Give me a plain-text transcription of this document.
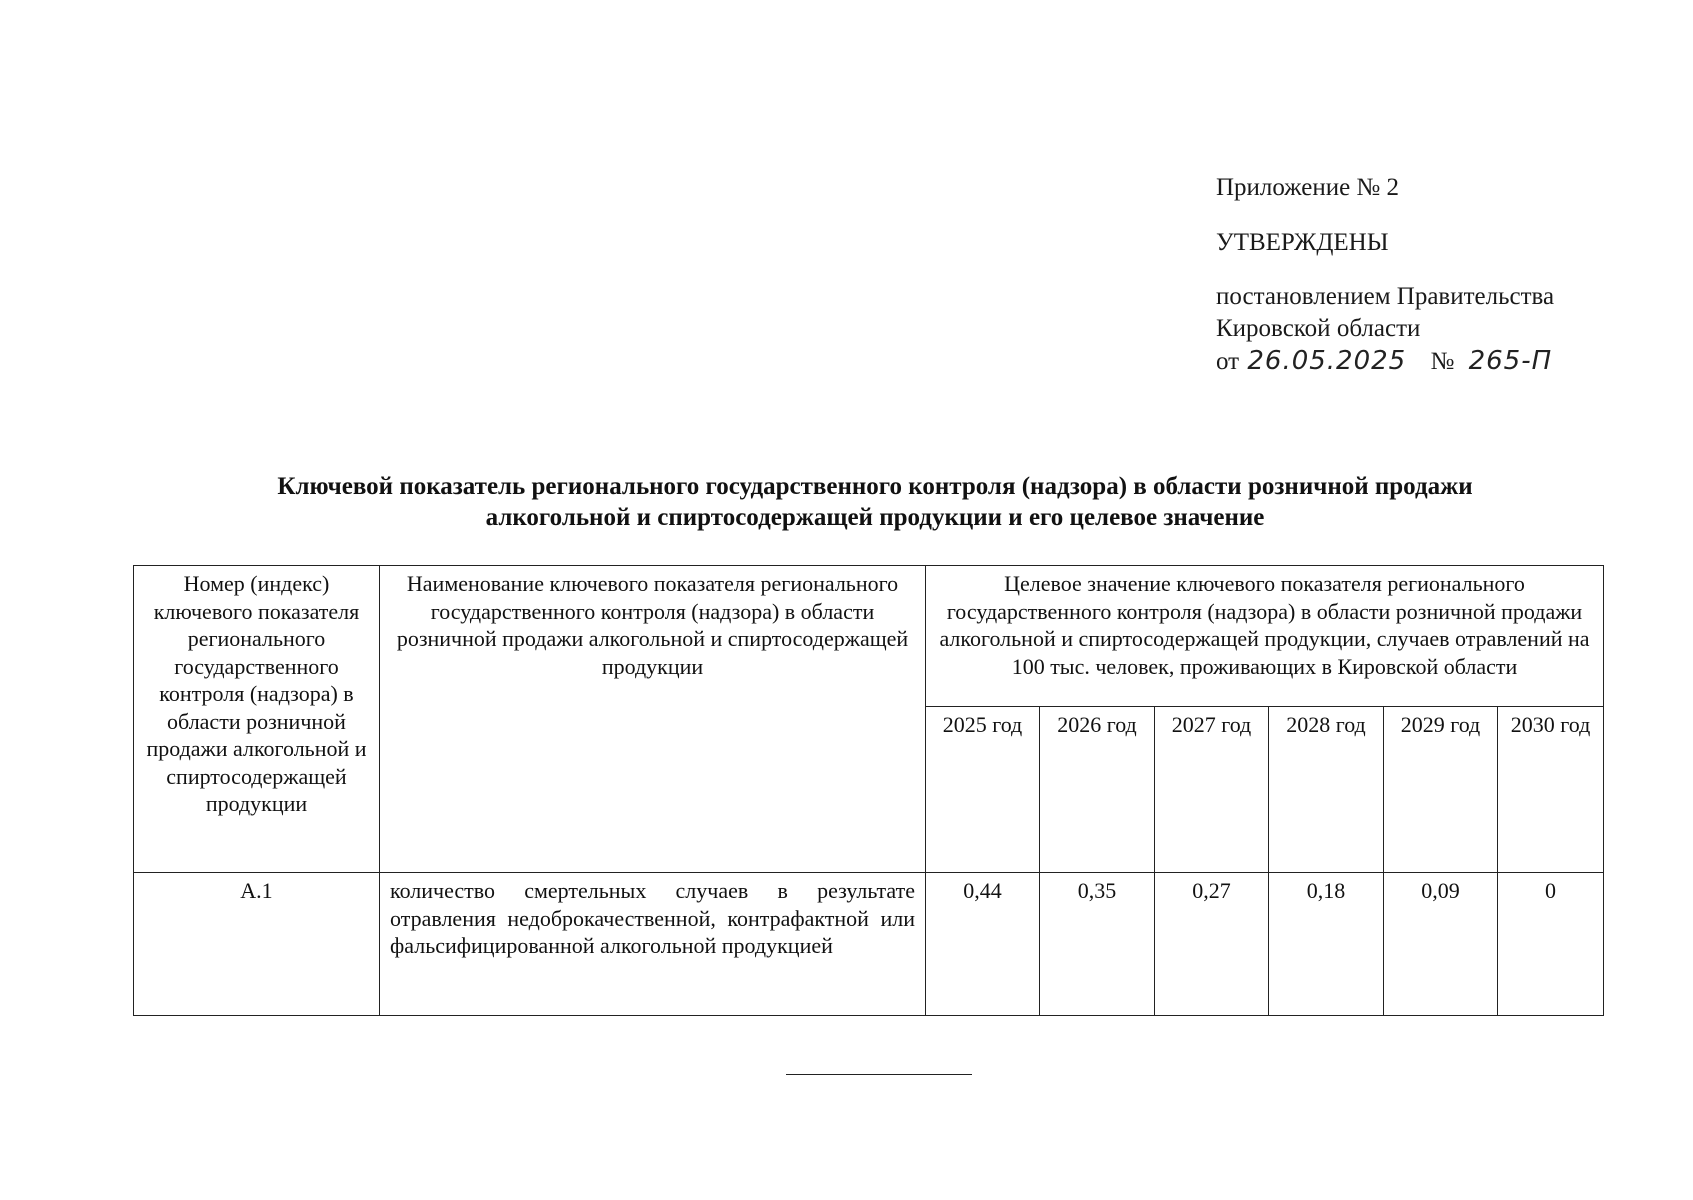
Приложение № 2
УТВЕРЖДЕНЫ
постановлением Правительства
Кировской области
от 26.05.2025 № 265-П
Ключевой показатель регионального государственного контроля (надзора) в области розничной продажи
алкогольной и спиртосодержащей продукции и его целевое значение
Номер (индекс) ключевого показателя регионального государственного контроля (надзора) в области розничной продажи алкогольной и спиртосодержащей продукции	Наименование ключевого показателя регионального государственного контроля (надзора) в области розничной продажи алкогольной и спиртосодержащей продукции	Целевое значение ключевого показателя регионального государственного контроля (надзора) в области розничной продажи алкогольной и спиртосодержащей продукции, случаев отравлений на 100 тыс. человек, проживающих в Кировской области					
		2025 год	2026 год	2027 год	2028 год	2029 год	2030 год
А.1	количество смертельных случаев в результате отравления недоброкачественной, контрафактной или фальсифицированной алкогольной продукцией	0,44	0,35	0,27	0,18	0,09	0
